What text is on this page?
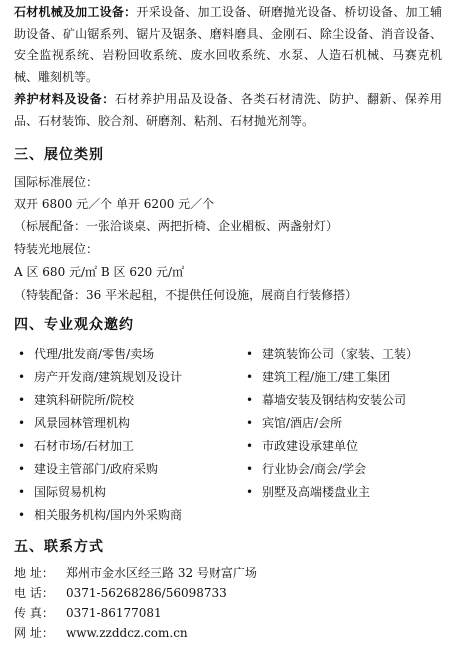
石材机械及加工设备：开采设备、加工设备、研磨抛光设备、桥切设备、加工辅助设备、矿山锯系列、锯片及锯条、磨料磨具、金刚石、除尘设备、消音设备、安全监视系统、岩粉回收系统、废水回收系统、水泵、人造石机械、马赛克机械、雕刻机等。
养护材料及设备：石材养护用品及设备、各类石材清洗、防护、翻新、保养用品、石材装饰、胶合剂、研磨剂、粘剂、石材抛光剂等。
三、展位类别
国际标准展位：
双开 6800 元／个 单开 6200 元／个
（标展配备：一张洽谈桌、两把折椅、企业楣板、两盏射灯）
特装光地展位：
A 区 680 元/㎡ B 区 620 元/㎡
（特装配备：36 平米起租，不提供任何设施，展商自行装修搭）
四、专业观众邀约
• 代理/批发商/零售/卖场
• 房产开发商/建筑规划及设计
• 建筑科研院所/院校
• 风景园林管理机构
• 石材市场/石材加工
• 建设主管部门/政府采购
• 国际贸易机构
• 相关服务机构/国内外采购商
• 建筑装饰公司（家装、工装）
• 建筑工程/施工/建工集团
• 幕墙安装及钢结构安装公司
• 宾馆/酒店/会所
• 市政建设承建单位
• 行业协会/商会/学会
• 别墅及高端楼盘业主
五、联系方式
地 址： 郑州市金水区经三路 32 号财富广场
电 话： 0371-56268286/56098733
传 真： 0371-86177081
网 址： www.zzddcz.com.cn
